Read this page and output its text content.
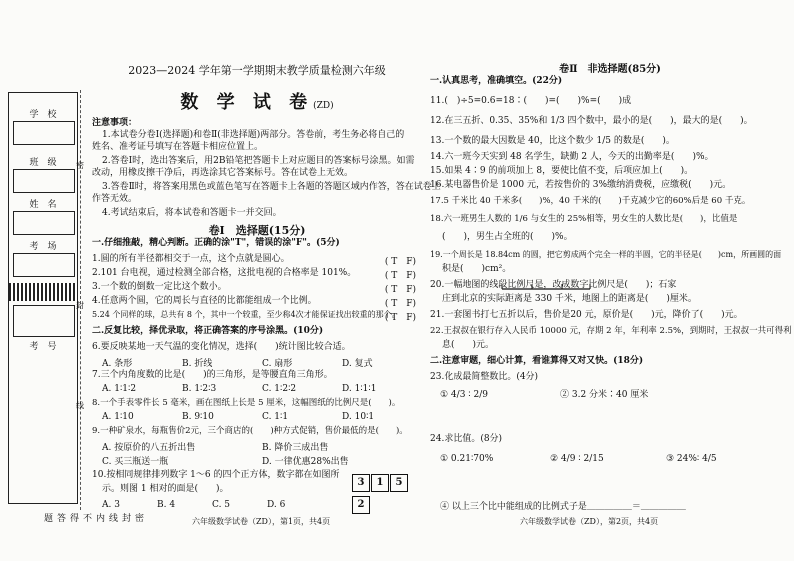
学　校
班　级
姓　名
考　场
考　号
密封线内不得答题
密
封
线
2023—2024 学年第一学期期末教学质量检测六年级
数 学 试 卷(ZD)
注意事项：
1.本试卷分卷Ⅰ(选择题)和卷Ⅱ(非选择题)两部分。答卷前，考生务必将自己的
姓名、准考证号填写在答题卡相应位置上。
2.答卷Ⅰ时，选出答案后，用2B铅笔把答题卡上对应题目的答案标号涂黑。如需
改动，用橡皮擦干净后，再选涂其它答案标号。答在试卷上无效。
3.答卷Ⅱ时，将答案用黑色或蓝色笔写在答题卡上各题的答题区域内作答，答在试卷上
作答无效。
4.考试结束后，将本试卷和答题卡一并交回。
卷Ⅰ　选择题(15分)
一.仔细推敲，精心判断。正确的涂"T"，错误的涂"F"。(5分)
1.圆的所有半径都相交于一点，这个点就是圆心。	( T　F)
2.101 台电视，通过检测全部合格，这批电视的合格率是 101%。	( T　F)
3.一个数的倒数一定比这个数小。	( T　F)
4.任意两个圆，它的周长与直径的比都能组成一个比例。	( T　F)
5.24 个同样的球，总共有 8 个，其中一个较重，至少称4次才能保证找出较重的那个。
( T　F)
二.反复比较，择优录取，将正确答案的序号涂黑。(10分)
6.要反映某地一天气温的变化情况，选择(　　)统计图比较合适。
A. 条形	B. 折线	C. 扇形	D. 复式
7.三个内角度数的比是(　　)的三角形，是等腰直角三角形。
A. 1∶1∶2	B. 1∶2∶3	C. 1∶2∶2	D. 1∶1∶1
8.一个手表零件长 5 毫米，画在图纸上长是 5 厘米，这幅图纸的比例尺是(　　)。
A. 1∶10	B. 9∶10	C. 1∶1	D. 10∶1
9.一种矿泉水，每瓶售价2元，三个商店的(　　)种方式促销，售价最低的是(　　)。
A. 按原价的八五折出售	B. 降价三成出售
C. 买三瓶送一瓶	D. 一律优惠28%出售
10.按相同规律排列数字 1～6 的四个正方体，数字都在如图所
示。则图 1 相对的面是(　　)。
A. 3	B. 4	C. 5	D. 6
3 1 52
六年级数学试卷（ZD），第1页，共4页
卷Ⅱ　非选择题(85分)
一.认真思考，准确填空。(22分)
11.(　)÷5=0.6=18∶(　　)=(　　)%=(　　)成
12.在三五折、0.35、35%和 1/3 四个数中，最小的是(　　)，最大的是(　　)。
13.一个数的最大因数是 40，比这个数少 1/5 的数是(　　)。
14.六一班今天实到 48 名学生，缺勤 2 人，今天的出勤率是(　　)%。
15.如果 4∶9 的前项加上 8，要使比值不变，后项应加上(　　)。
16.某电器售价是 1000 元，若按售价的 3%缴纳消费税，应缴税(　　)元。
17.5 千米比 40 千米多(　　)%，40 千米的(　　)千克减少它的60%后是 60 千克。
18.六一班男生人数的 1/6 与女生的 25%相等，男女生的人数比是(　　)，比值是
(　　)，男生占全班的(　　)%。
19.一个周长是 18.84cm 的圆，把它剪成两个完全一样的半圆，它的半径是(　　)cm，所画圆的面
积是(　　)cm²。
20.一幅地图的线段比例尺是，改成数字比例尺是(　　)；石家
庄到北京的实际距离是 330 千米，地图上的距离是(　　)厘米。
21.一套图书打七五折以后，售价是20 元，原价是(　　)元，降价了(　　)元。
22.王叔叔在银行存入人民币 10000 元，存期 2 年，年利率 2.5%，到期时，王叔叔一共可得利
息(　　)元。
二.注意审题，细心计算，看谁算得又对又快。(18分)
23.化成最简整数比。(4分)
① 4/3 ∶ 2/9	② 3.2 分米∶40 厘米
24.求比值。(8分)
① 0.21∶70%	② 4/9 ∶ 2/15	③ 24%∶ 4/5
④ 以上三个比中能组成的比例式子是＿＿＿＿＿＝＿＿＿＿＿
六年级数学试卷（ZD），第2页，共4页
